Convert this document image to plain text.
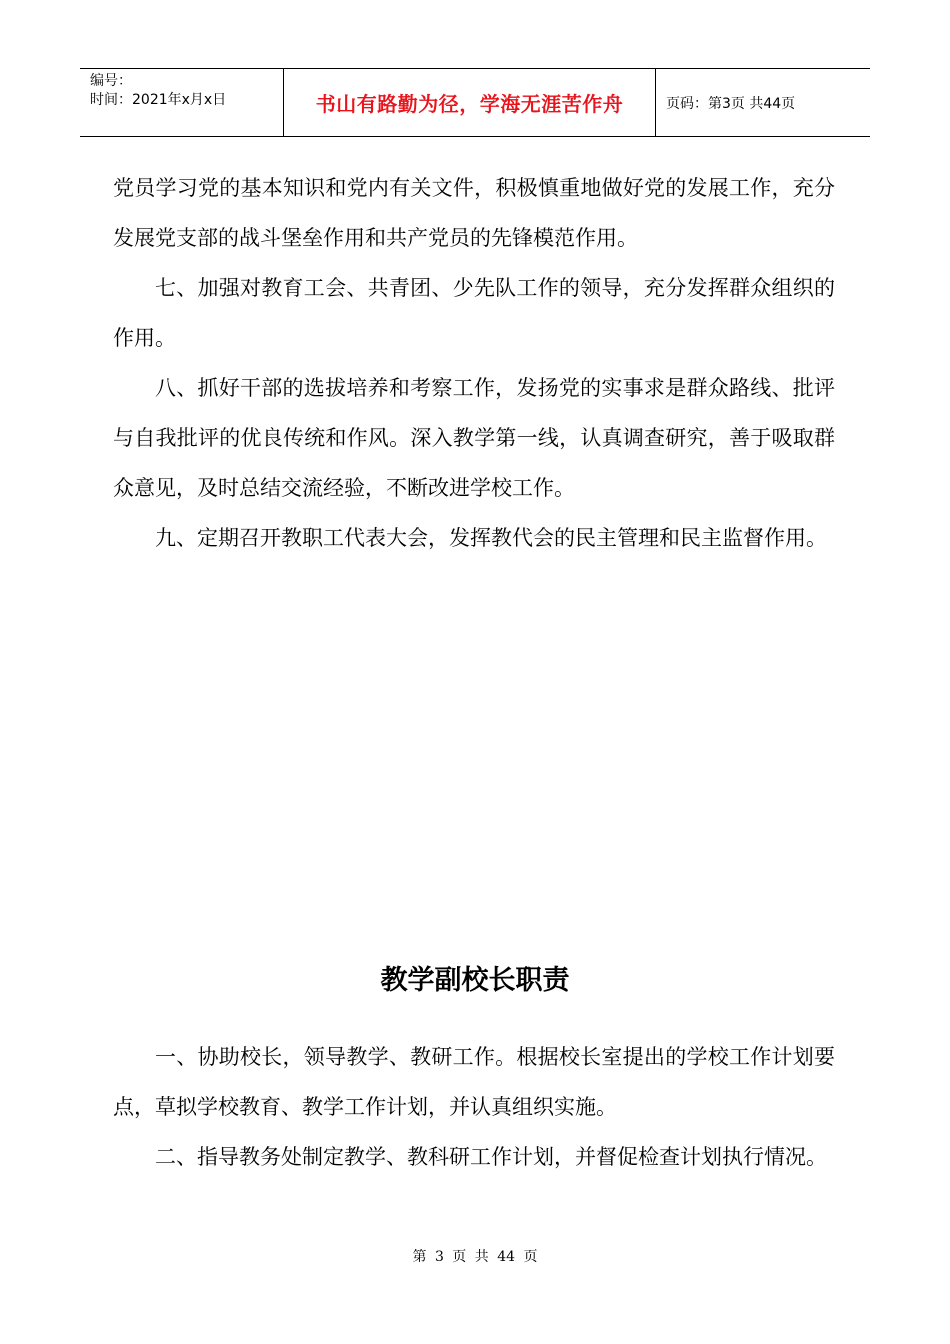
编号：
时间：2021年x月x日	书山有路勤为径，学海无涯苦作舟	页码：第3页 共44页

党员学习党的基本知识和党内有关文件，积极慎重地做好党的发展工作，充分发展党支部的战斗堡垒作用和共产党员的先锋模范作用。

七、加强对教育工会、共青团、少先队工作的领导，充分发挥群众组织的作用。

八、抓好干部的选拔培养和考察工作，发扬党的实事求是群众路线、批评与自我批评的优良传统和作风。深入教学第一线，认真调查研究，善于吸取群众意见，及时总结交流经验，不断改进学校工作。

九、定期召开教职工代表大会，发挥教代会的民主管理和民主监督作用。

教学副校长职责

一、协助校长，领导教学、教研工作。根据校长室提出的学校工作计划要点，草拟学校教育、教学工作计划，并认真组织实施。

二、指导教务处制定教学、教科研工作计划，并督促检查计划执行情况。

第 3 页 共 44 页
